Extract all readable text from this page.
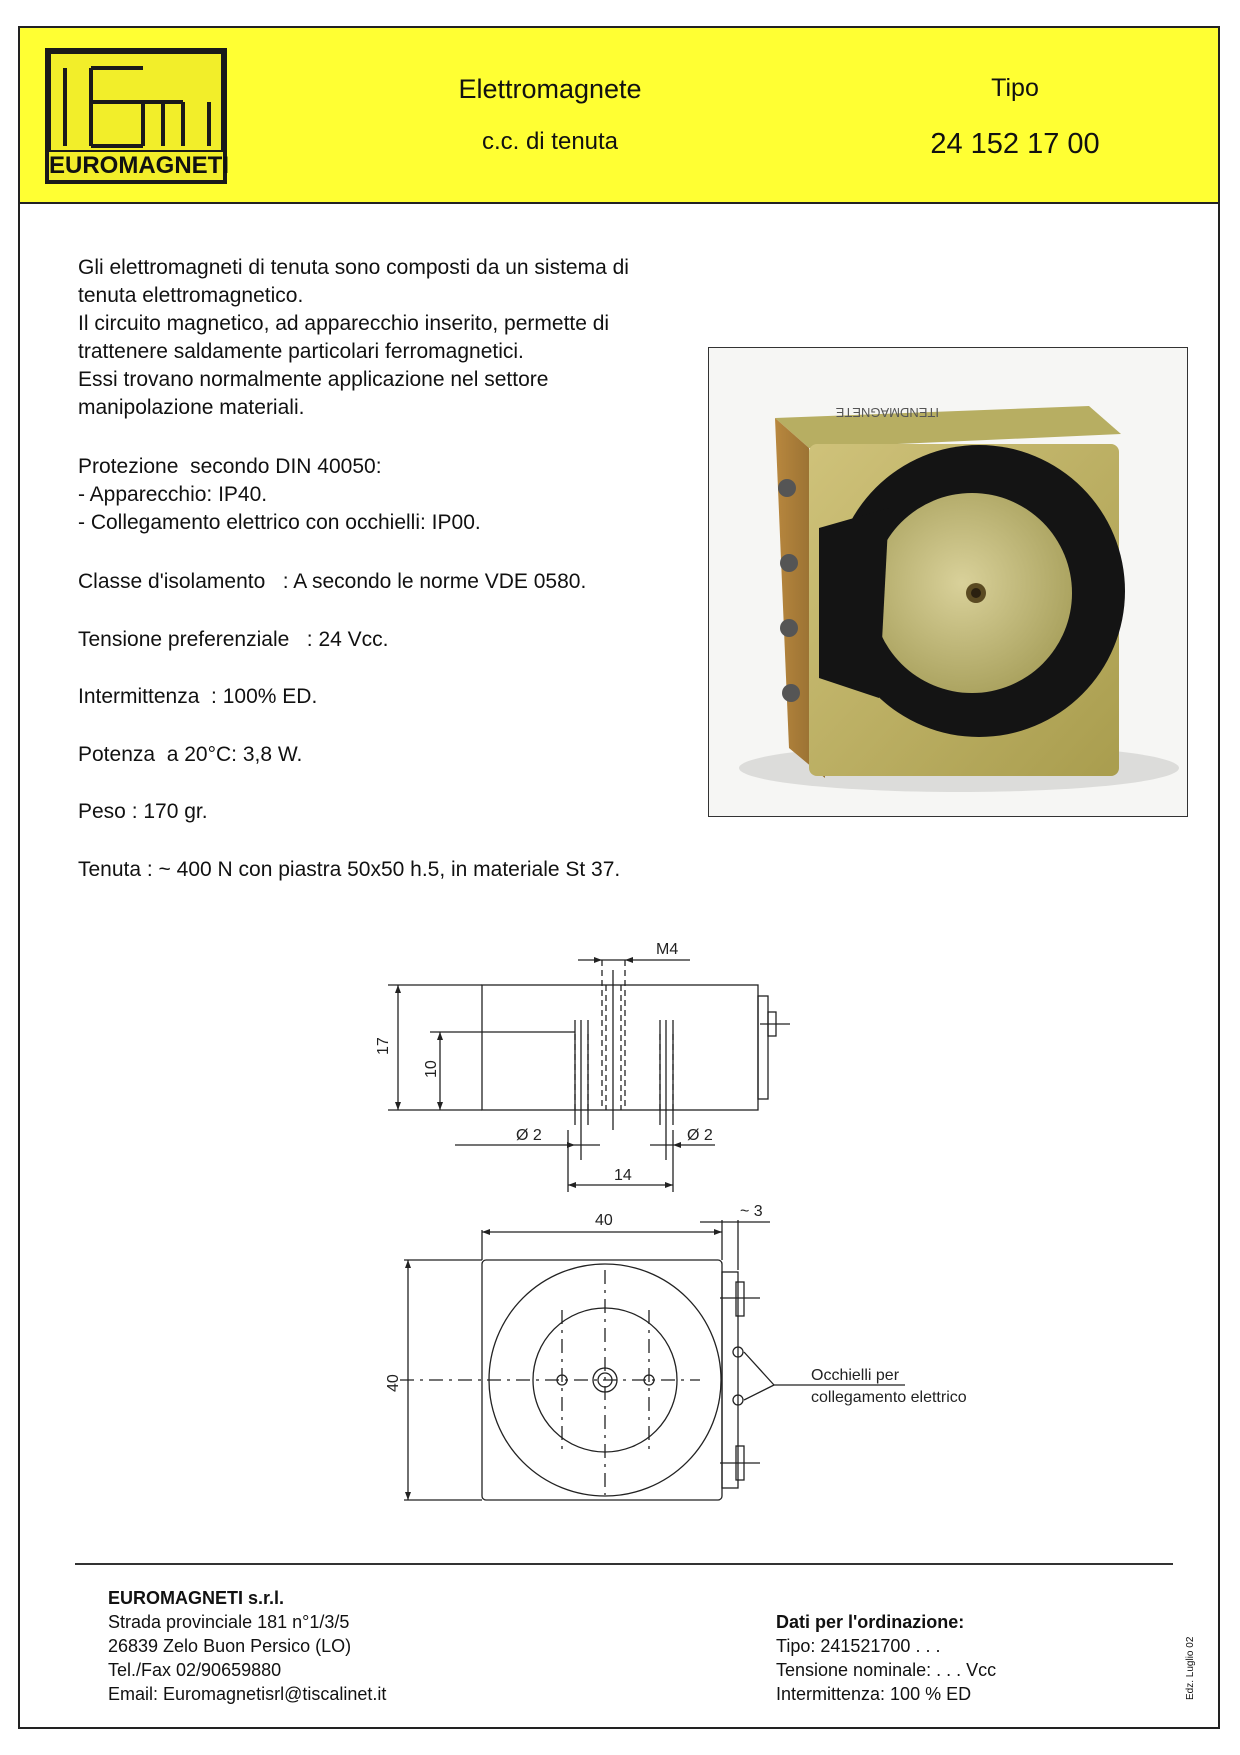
EUROMAGNETI
Elettromagnete
c.c. di tenuta
Tipo
24 152 17 00
Gli elettromagneti di tenuta sono composti da un sistema di
tenuta elettromagnetico.
Il circuito magnetico, ad apparecchio inserito, permette di
trattenere saldamente particolari ferromagnetici.
Essi trovano normalmente applicazione nel settore
manipolazione materiali.
Protezione  secondo DIN 40050:
- Apparecchio: IP40.
- Collegamento elettrico con occhielli: IP00.
Classe d'isolamento   : A secondo le norme VDE 0580.
Tensione preferenziale   : 24 Vcc.
Intermittenza  : 100% ED.
Potenza  a 20°C: 3,8 W.
Peso : 170 gr.
Tenuta : ~ 400 N con piastra 50x50 h.5, in materiale St 37.
ITENDMAGNETE
M4
17
10
Ø 2	Ø 2
14
40
~ 3
40	Occhielli per
collegamento elettrico
EUROMAGNETI s.r.l.
Strada provinciale 181 n°1/3/5
26839 Zelo Buon Persico (LO)
Tel./Fax 02/90659880
Email: Euromagnetisrl@tiscalinet.it
Dati per l'ordinazione:
Tipo: 241521700 . . .
Tensione nominale: . . . Vcc
Intermittenza: 100 % ED	Edz. Luglio 02
